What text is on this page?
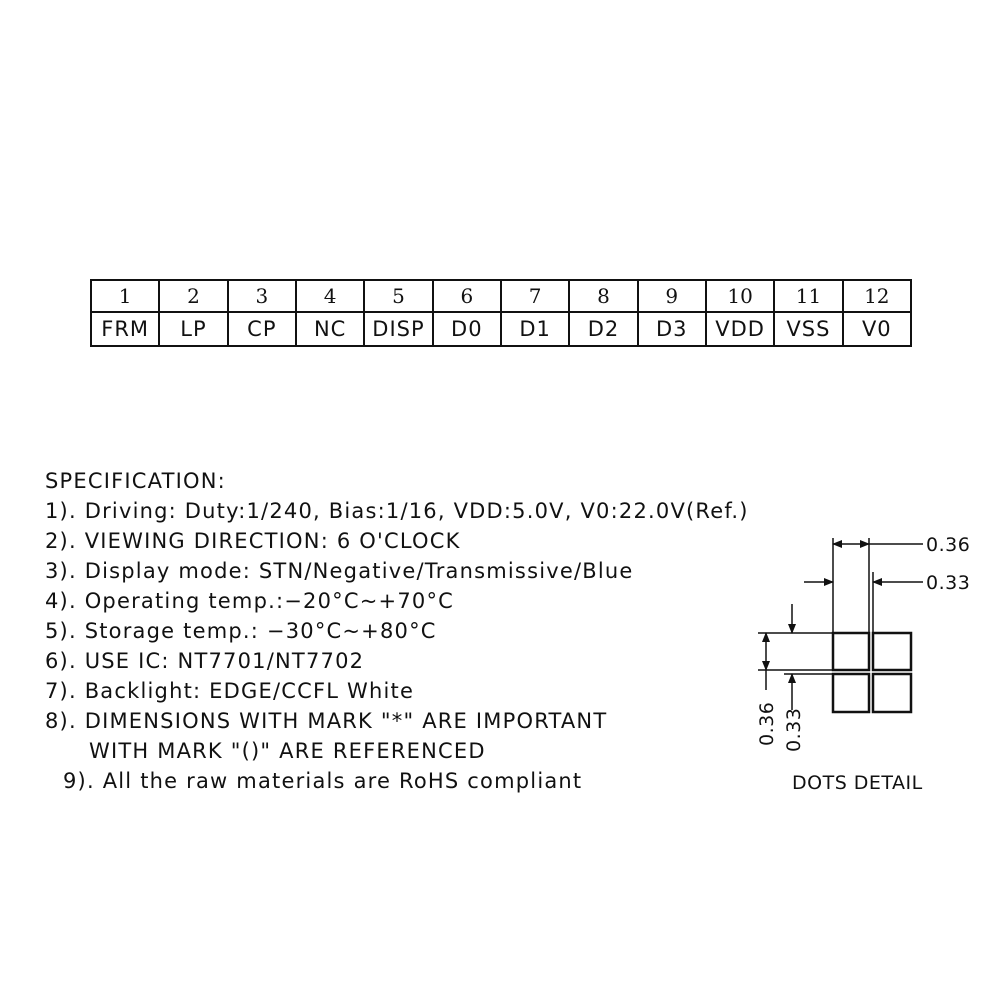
1	2	3	4	5	6	7	8	9	10	11	12
FRM	LP	CP	NC	DISP	D0	D1	D2	D3	VDD	VSS	V0
SPECIFICATION:
1). Driving: Duty:1/240, Bias:1/16, VDD:5.0V, V0:22.0V(Ref.)
2). VIEWING DIRECTION: 6 O'CLOCK
3). Display mode: STN/Negative/Transmissive/Blue
4). Operating temp.:−20°C~+70°C
5). Storage temp.: −30°C~+80°C
6). USE IC: NT7701/NT7702
7). Backlight: EDGE/CCFL White
8). DIMENSIONS WITH MARK "*" ARE IMPORTANT
WITH MARK "()" ARE REFERENCED
9). All the raw materials are RoHS compliant
0.36
0.33
0.36 0.33
DOTS DETAIL
